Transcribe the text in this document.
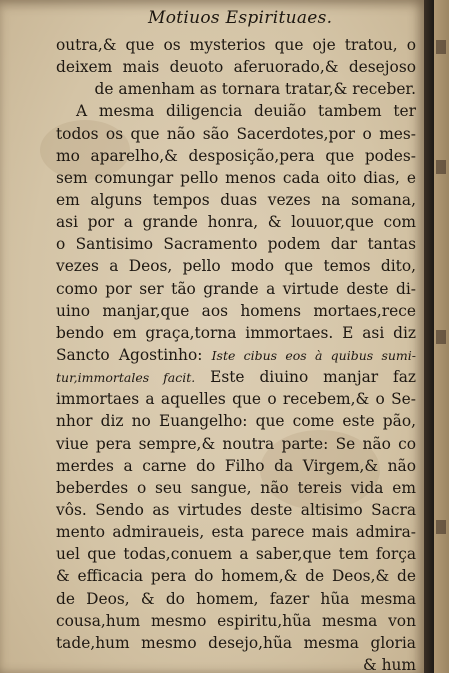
Motiuos Espirituaes.
outra,& que os mysterios que oje tratou, o
deixem mais deuoto aferuorado,& desejoso
de amenham as tornara tratar,& receber.
A mesma diligencia deuião tambem ter
todos os que não são Sacerdotes,por o mes-
mo aparelho,& desposição,pera que podes-
sem comungar pello menos cada oito dias, e
em alguns tempos duas vezes na somana,
asi por a grande honra, & louuor,que com
o Santisimo Sacramento podem dar tantas
vezes a Deos, pello modo que temos dito,
como por ser tão grande a virtude deste di-
uino manjar,que aos homens mortaes,rece
bendo em graça,torna immortaes. E asi diz
Sancto Agostinho: Iste cibus eos à quibus sumi-
tur,immortales facit. Este diuino manjar faz
immortaes a aquelles que o recebem,& o Se-
nhor diz no Euangelho: que come este pão,
viue pera sempre,& noutra parte: Se não co
merdes a carne do Filho da Virgem,& não
beberdes o seu sangue, não tereis vida em
vôs. Sendo as virtudes deste altisimo Sacra
mento admiraueis, esta parece mais admira-
uel que todas,conuem a saber,que tem força
& efficacia pera do homem,& de Deos,& de
de Deos, & do homem, fazer hũa mesma
cousa,hum mesmo espiritu,hũa mesma von
tade,hum mesmo desejo,hũa mesma gloria
& hum
